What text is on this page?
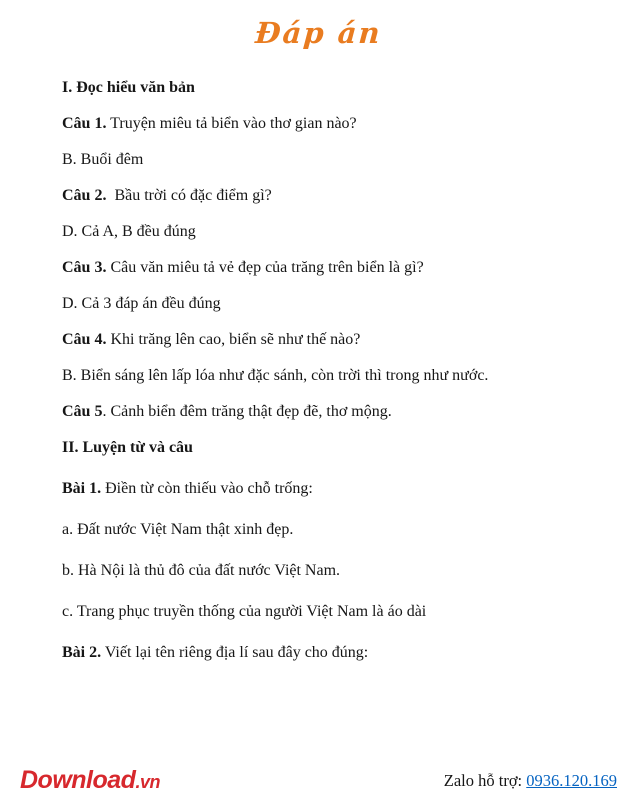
Đáp án

I. Đọc hiểu văn bản

Câu 1. Truyện miêu tả biển vào thơ gian nào?

B. Buổi đêm

Câu 2.  Bầu trời có đặc điểm gì?

D. Cả A, B đều đúng

Câu 3. Câu văn miêu tả vẻ đẹp của trăng trên biển là gì?

D. Cả 3 đáp án đều đúng

Câu 4. Khi trăng lên cao, biển sẽ như thế nào?

B. Biển sáng lên lấp lóa như đặc sánh, còn trời thì trong như nước.

Câu 5. Cảnh biển đêm trăng thật đẹp đẽ, thơ mộng.

II. Luyện từ và câu

Bài 1. Điền từ còn thiếu vào chỗ trống:

a. Đất nước Việt Nam thật xinh đẹp.

b. Hà Nội là thủ đô của đất nước Việt Nam.

c. Trang phục truyền thống của người Việt Nam là áo dài

Bài 2. Viết lại tên riêng địa lí sau đây cho đúng:

Download.vn	Zalo hỗ trợ: 0936.120.169
